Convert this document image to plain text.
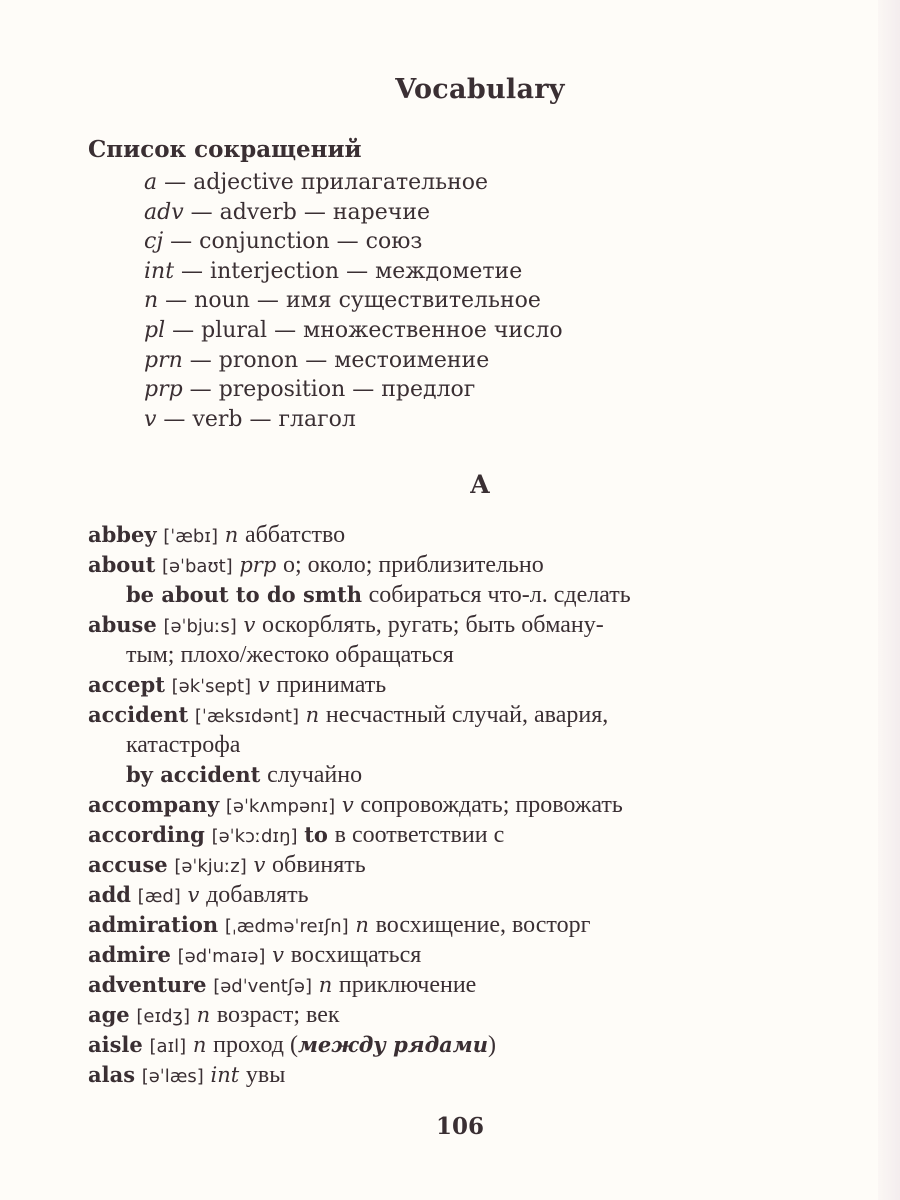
Vocabulary
Список сокращений
a — adjective прилагательное
adv — adverb — наречие
cj — conjunction — союз
int — interjection — междометие
n — noun — имя существительное
pl — plural — множественное число
prn — pronon — местоимение
prp — preposition — предлог
v — verb — глагол
A
abbey [ˈæbɪ] n аббатство
about [əˈbaʊt] prp о; около; приблизительно
be about to do smth собираться что-л. сделать
abuse [əˈbjuːs] v оскорблять, ругать; быть обману-
тым; плохо/жестоко обращаться
accept [əkˈsept] v принимать
accident [ˈæksɪdənt] n несчастный случай, авария,
катастрофа
by accident случайно
accompany [əˈkʌmpənɪ] v сопровождать; провожать
according [əˈkɔːdɪŋ] to в соответствии с
accuse [əˈkjuːz] v обвинять
add [æd] v добавлять
admiration [ˌædməˈreɪʃn] n восхищение, восторг
admire [ədˈmaɪə] v восхищаться
adventure [ədˈventʃə] n приключение
age [eɪdʒ] n возраст; век
aisle [aɪl] n проход (между рядами)
alas [əˈlæs] int увы
106
